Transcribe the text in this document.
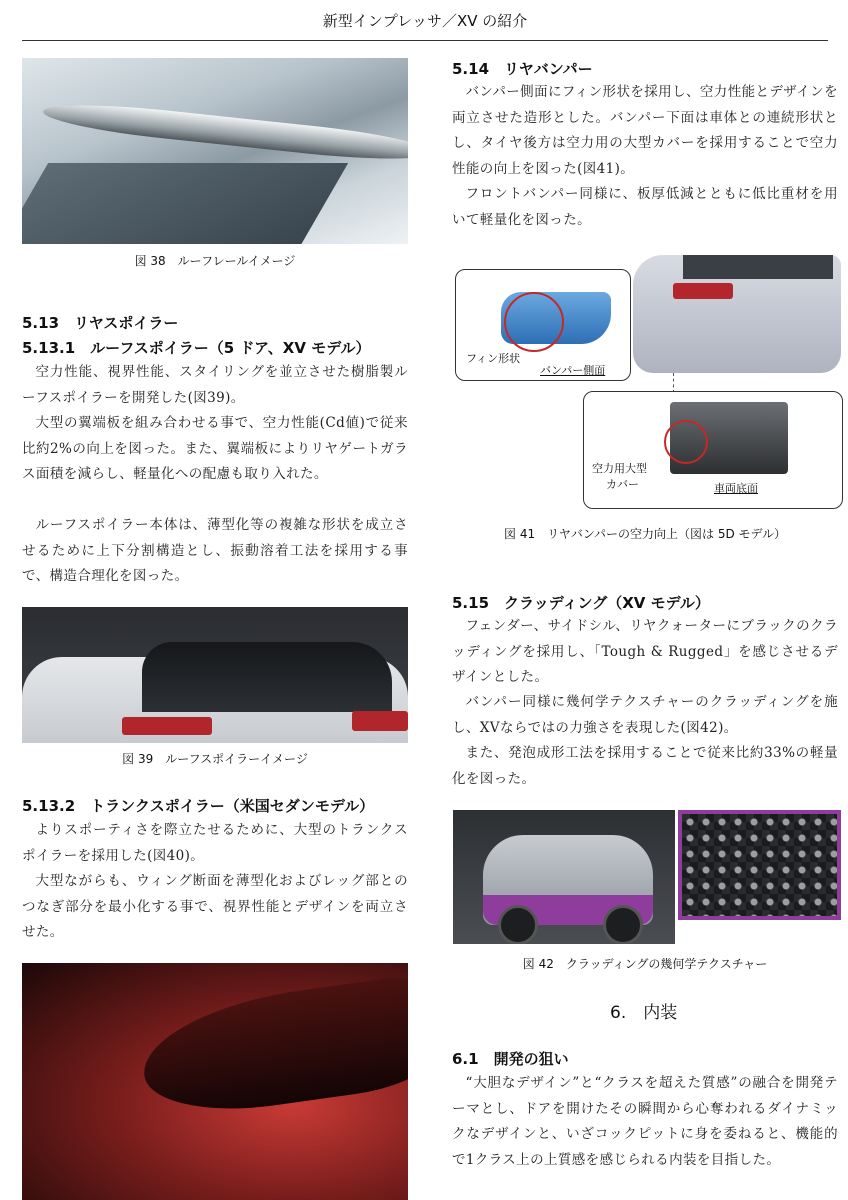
新型インプレッサ／XV の紹介
図 38　ルーフレールイメージ
5.13　リヤスポイラー
5.13.1　ルーフスポイラー（5 ドア、XV モデル）

空力性能、視界性能、スタイリングを並立させた樹脂製ルーフスポイラーを開発した(図39)。

大型の翼端板を組み合わせる事で、空力性能(Cd値)で従来比約2%の向上を図った。また、翼端板によりリヤゲートガラス面積を減らし、軽量化への配慮も取り入れた。

ルーフスポイラー本体は、薄型化等の複雑な形状を成立させるために上下分割構造とし、振動溶着工法を採用する事で、構造合理化を図った。

図 39　ルーフスポイラーイメージ
5.13.2　トランクスポイラー（米国セダンモデル）

よりスポーティさを際立たせるために、大型のトランクスポイラーを採用した(図40)。

大型ながらも、ウィング断面を薄型化およびレッグ部とのつなぎ部分を最小化する事で、視界性能とデザインを両立させた。

5.14　リヤバンパー

バンパー側面にフィン形状を採用し、空力性能とデザインを両立させた造形とした。バンパー下面は車体との連続形状とし、タイヤ後方は空力用の大型カバーを採用することで空力性能の向上を図った(図41)。

フロントバンパー同様に、板厚低減とともに低比重材を用いて軽量化を図った。

フィン形状
バンパー側面
空力用大型
カバー	車両底面
図 41　リヤバンパーの空力向上（図は 5D モデル）
5.15　クラッディング（XV モデル）

フェンダー、サイドシル、リヤクォーターにブラックのクラッディングを採用し、「Tough & Rugged」を感じさせるデザインとした。

バンパー同様に幾何学テクスチャーのクラッディングを施し、XVならではの力強さを表現した(図42)。

また、発泡成形工法を採用することで従来比約33%の軽量化を図った。

図 42　クラッディングの幾何学テクスチャー
6.　内装
6.1　開発の狙い

“大胆なデザイン”と“クラスを超えた質感”の融合を開発テーマとし、ドアを開けたその瞬間から心奪われるダイナミックなデザインと、いざコックピットに身を委ねると、機能的で1クラス上の上質感を感じられる内装を目指した。
